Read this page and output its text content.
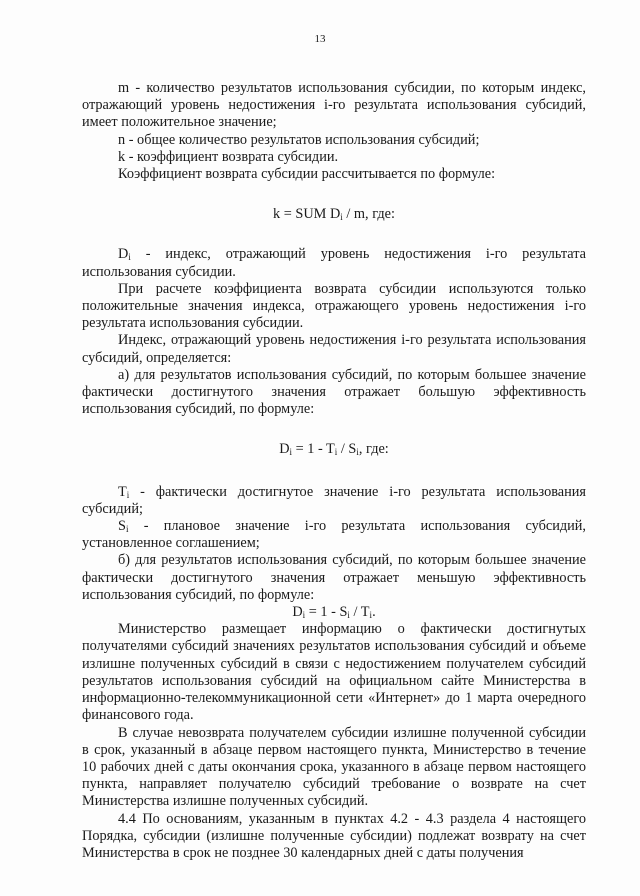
13

m - количество результатов использования субсидии, по которым индекс, отражающий уровень недостижения i-го результата использования субсидий, имеет положительное значение;

n - общее количество результатов использования субсидий;

k - коэффициент возврата субсидии.

Коэффициент возврата субсидии рассчитывается по формуле:

k = SUM $D_i$ / m, где:

$D_i$ - индекс, отражающий уровень недостижения i-го результата использования субсидии.

При расчете коэффициента возврата субсидии используются только положительные значения индекса, отражающего уровень недостижения i-го результата использования субсидии.

Индекс, отражающий уровень недостижения i-го результата использования субсидий, определяется:

а) для результатов использования субсидий, по которым большее значение фактически достигнутого значения отражает большую эффективность использования субсидий, по формуле:

$D_i = 1 - T_i / S_i$, где:

$T_i$ - фактически достигнутое значение i-го результата использования субсидий;

$S_i$ - плановое значение i-го результата использования субсидий, установленное соглашением;

б) для результатов использования субсидий, по которым большее значение фактически достигнутого значения отражает меньшую эффективность использования субсидий, по формуле:

$D_i = 1 - S_i / T_i$.

Министерство размещает информацию о фактически достигнутых получателями субсидий значениях результатов использования субсидий и объеме излишне полученных субсидий в связи с недостижением получателем субсидий результатов использования субсидий на официальном сайте Министерства в информационно-телекоммуникационной сети «Интернет» до 1 марта очередного финансового года.

В случае невозврата получателем субсидии излишне полученной субсидии в срок, указанный в абзаце первом настоящего пункта, Министерство в течение 10 рабочих дней с даты окончания срока, указанного в абзаце первом настоящего пункта, направляет получателю субсидий требование о возврате на счет Министерства излишне полученных субсидий.

4.4 По основаниям, указанным в пунктах 4.2 - 4.3 раздела 4 настоящего Порядка, субсидии (излишне полученные субсидии) подлежат возврату на счет Министерства в срок не позднее 30 календарных дней с даты получения
